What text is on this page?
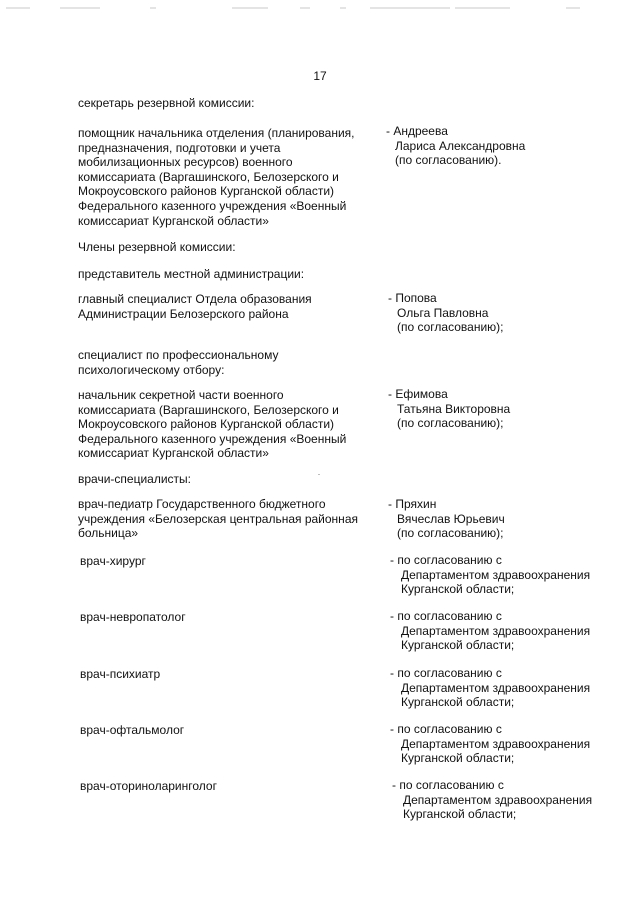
17
секретарь резервной комиссии:
помощник начальника отделения (планирования,
предназначения, подготовки и учета
мобилизационных ресурсов) военного
комиссариата (Варгашинского, Белозерского и
Мокроусовского районов Курганской области)
Федерального казенного учреждения «Военный
комиссариат Курганской области»
- Андреева
Лариса Александровна
(по согласованию).
Члены резервной комиссии:
представитель местной администрации:
главный специалист Отдела образования
Администрации Белозерского района
- Попова
Ольга Павловна
(по согласованию);
специалист по профессиональному
психологическому отбору:
начальник секретной части военного
комиссариата (Варгашинского, Белозерского и
Мокроусовского районов Курганской области)
Федерального казенного учреждения «Военный
комиссариат Курганской области»
- Ефимова
Татьяна Викторовна
(по согласованию);
врачи-специалисты:
врач-педиатр Государственного бюджетного
учреждения «Белозерская центральная районная
больница»
- Пряхин
Вячеслав Юрьевич
(по согласованию);
врач-хирург	- по согласованию с
Департаментом здравоохранения
Курганской области;
врач-невропатолог	- по согласованию с
Департаментом здравоохранения
Курганской области;
врач-психиатр	- по согласованию с
Департаментом здравоохранения
Курганской области;
врач-офтальмолог	- по согласованию с
Департаментом здравоохранения
Курганской области;
врач-оториноларинголог	- по согласованию с
Департаментом здравоохранения
Курганской области;
